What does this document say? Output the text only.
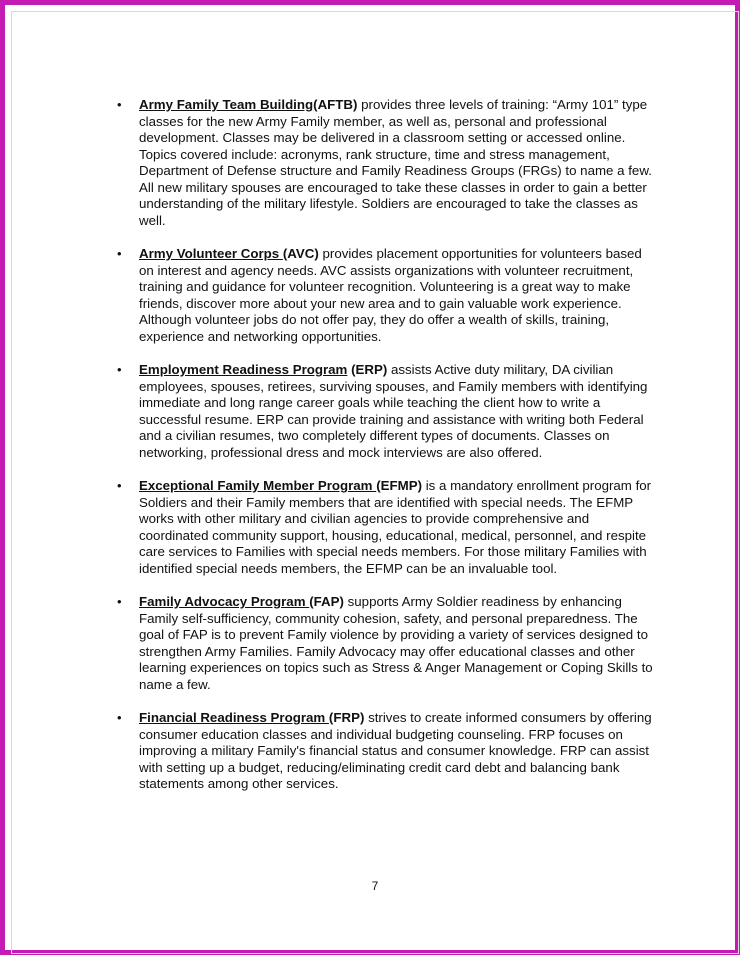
• Army Family Team Building(AFTB) provides three levels of training: “Army 101” type classes for the new Army Family member, as well as, personal and professional development. Classes may be delivered in a classroom setting or accessed online. Topics covered include: acronyms, rank structure, time and stress management, Department of Defense structure and Family Readiness Groups (FRGs) to name a few. All new military spouses are encouraged to take these classes in order to gain a better understanding of the military lifestyle. Soldiers are encouraged to take the classes as well.
• Army Volunteer Corps (AVC) provides placement opportunities for volunteers based on interest and agency needs. AVC assists organizations with volunteer recruitment, training and guidance for volunteer recognition. Volunteering is a great way to make friends, discover more about your new area and to gain valuable work experience. Although volunteer jobs do not offer pay, they do offer a wealth of skills, training, experience and networking opportunities.
• Employment Readiness Program (ERP) assists Active duty military, DA civilian employees, spouses, retirees, surviving spouses, and Family members with identifying immediate and long range career goals while teaching the client how to write a successful resume. ERP can provide training and assistance with writing both Federal and a civilian resumes, two completely different types of documents. Classes on networking, professional dress and mock interviews are also offered.
• Exceptional Family Member Program (EFMP) is a mandatory enrollment program for Soldiers and their Family members that are identified with special needs. The EFMP works with other military and civilian agencies to provide comprehensive and coordinated community support, housing, educational, medical, personnel, and respite care services to Families with special needs members. For those military Families with identified special needs members, the EFMP can be an invaluable tool.
• Family Advocacy Program (FAP) supports Army Soldier readiness by enhancing Family self-sufficiency, community cohesion, safety, and personal preparedness. The goal of FAP is to prevent Family violence by providing a variety of services designed to strengthen Army Families. Family Advocacy may offer educational classes and other learning experiences on topics such as Stress & Anger Management or Coping Skills to name a few.
• Financial Readiness Program (FRP) strives to create informed consumers by offering consumer education classes and individual budgeting counseling. FRP focuses on improving a military Family's financial status and consumer knowledge. FRP can assist with setting up a budget, reducing/eliminating credit card debt and balancing bank statements among other services.
7
